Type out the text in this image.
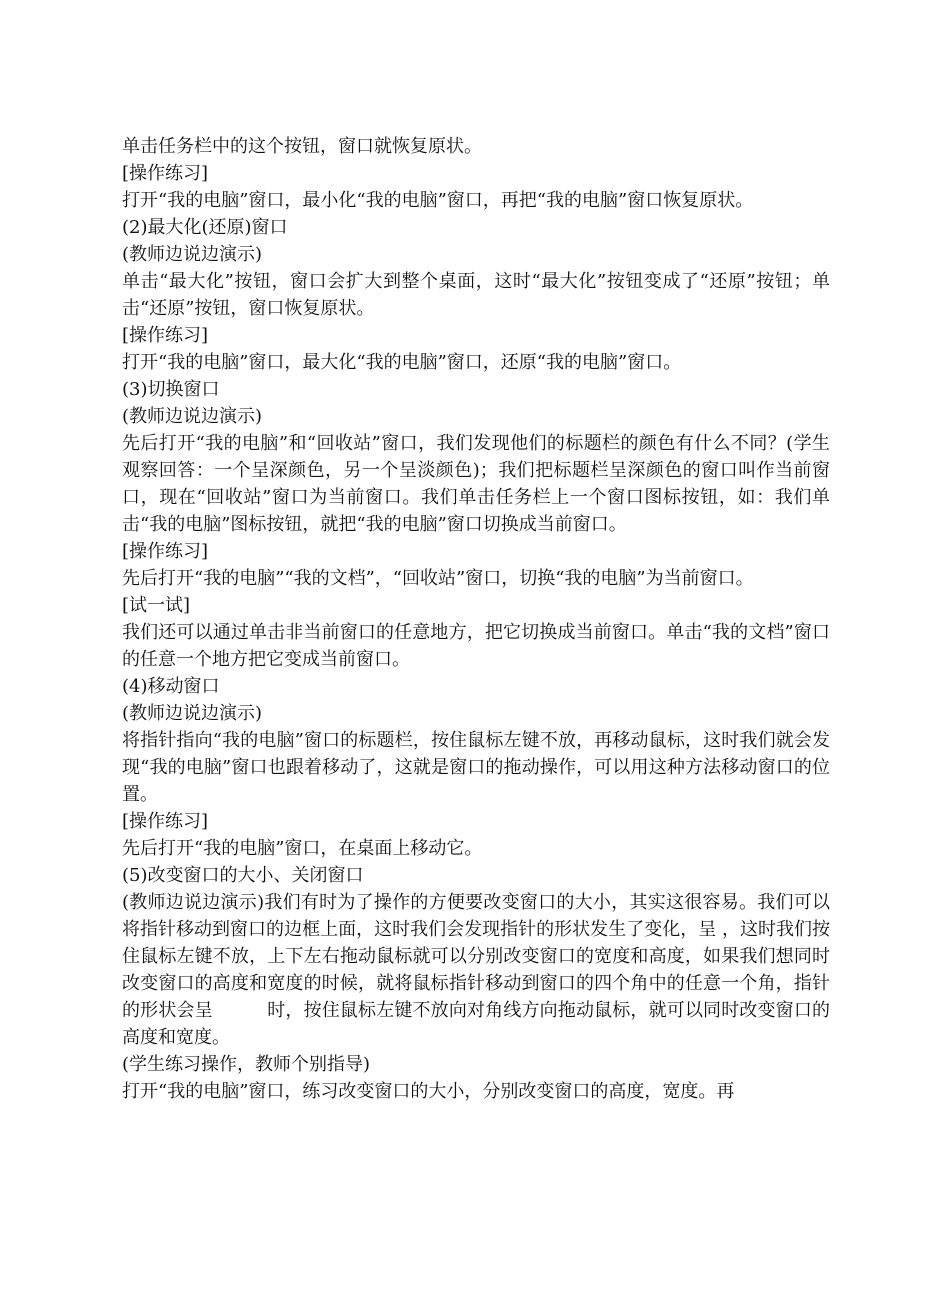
单击任务栏中的这个按钮，窗口就恢复原状。

[操作练习]

打开“我的电脑”窗口，最小化“我的电脑”窗口，再把“我的电脑”窗口恢复原状。

(2)最大化(还原)窗口

(教师边说边演示)

单击“最大化”按钮，窗口会扩大到整个桌面，这时“最大化”按钮变成了“还原”按钮；单击“还原”按钮，窗口恢复原状。

[操作练习]

打开“我的电脑”窗口，最大化“我的电脑”窗口，还原“我的电脑”窗口。

(3)切换窗口

(教师边说边演示)

先后打开“我的电脑”和“回收站”窗口，我们发现他们的标题栏的颜色有什么不同？(学生观察回答：一个呈深颜色，另一个呈淡颜色)；我们把标题栏呈深颜色的窗口叫作当前窗口，现在“回收站”窗口为当前窗口。我们单击任务栏上一个窗口图标按钮，如：我们单击“我的电脑”图标按钮，就把“我的电脑”窗口切换成当前窗口。

[操作练习]

先后打开“我的电脑”“我的文档”，“回收站”窗口，切换“我的电脑”为当前窗口。

[试一试]

我们还可以通过单击非当前窗口的任意地方，把它切换成当前窗口。单击“我的文档”窗口的任意一个地方把它变成当前窗口。

(4)移动窗口

(教师边说边演示)

将指针指向“我的电脑”窗口的标题栏，按住鼠标左键不放，再移动鼠标，这时我们就会发现“我的电脑”窗口也跟着移动了，这就是窗口的拖动操作，可以用这种方法移动窗口的位置。

[操作练习]

先后打开“我的电脑”窗口，在桌面上移动它。

(5)改变窗口的大小、关闭窗口

(教师边说边演示)我们有时为了操作的方便要改变窗口的大小，其实这很容易。我们可以将指针移动到窗口的边框上面，这时我们会发现指针的形状发生了变化，呈 ，这时我们按住鼠标左键不放，上下左右拖动鼠标就可以分别改变窗口的宽度和高度，如果我们想同时改变窗口的高度和宽度的时候，就将鼠标指针移动到窗口的四个角中的任意一个角，指针的形状会呈　　　时，按住鼠标左键不放向对角线方向拖动鼠标，就可以同时改变窗口的高度和宽度。

(学生练习操作，教师个别指导)

打开“我的电脑”窗口，练习改变窗口的大小，分别改变窗口的高度，宽度。再
